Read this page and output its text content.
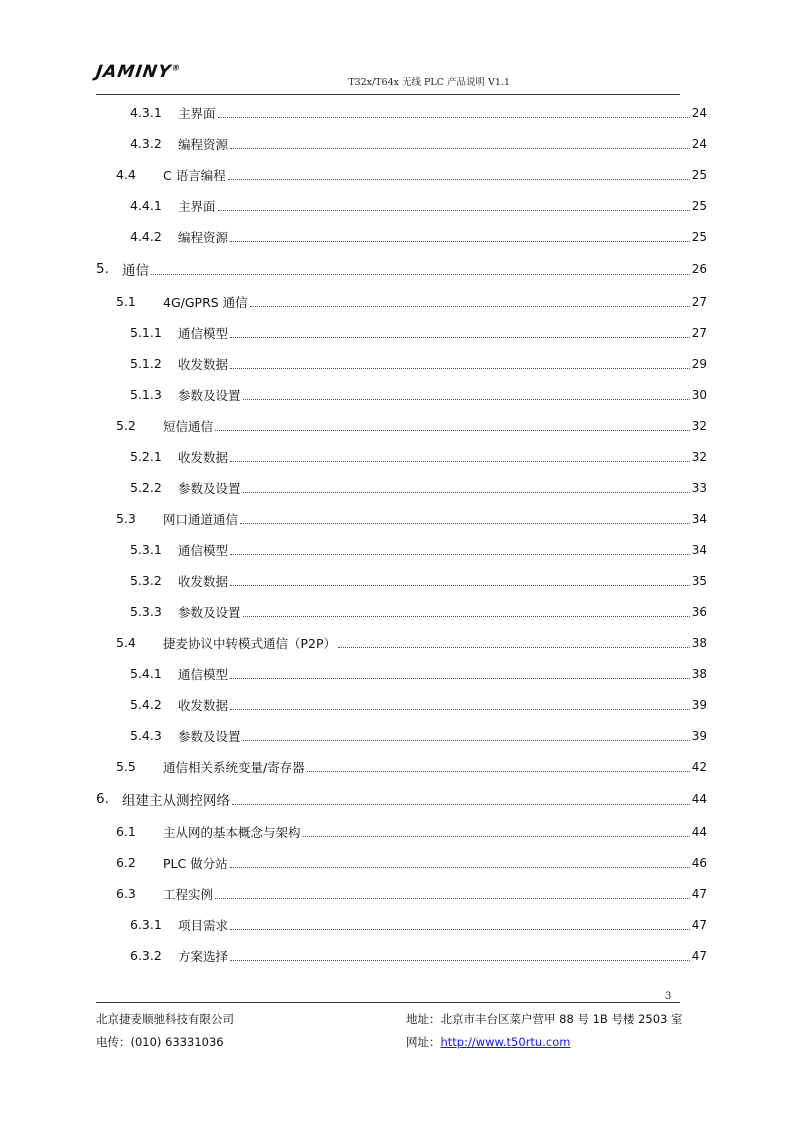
JAMINY®
T32x/T64x 无线 PLC 产品说明 V1.1
4.3.1	主界面	24
4.3.2	编程资源	24
4.4	C 语言编程	25
4.4.1	主界面	25
4.4.2	编程资源	25
5. 通信	26
5.1	4G/GPRS 通信	27
5.1.1	通信模型	27
5.1.2	收发数据	29
5.1.3	参数及设置	30
5.2	短信通信	32
5.2.1	收发数据	32
5.2.2	参数及设置	33
5.3	网口通道通信	34
5.3.1	通信模型	34
5.3.2	收发数据	35
5.3.3	参数及设置	36
5.4	捷麦协议中转模式通信（P2P）	38
5.4.1	通信模型	38
5.4.2	收发数据	39
5.4.3	参数及设置	39
5.5	通信相关系统变量/寄存器	42
6. 组建主从测控网络	44
6.1	主从网的基本概念与架构	44
6.2	PLC 做分站	46
6.3	工程实例	47
6.3.1	项目需求	47
6.3.2	方案选择	47
3
北京捷麦顺驰科技有限公司
电传：(010) 63331036
地址：北京市丰台区菜户营甲 88 号 1B 号楼 2503 室
网址：http://www.t50rtu.com
